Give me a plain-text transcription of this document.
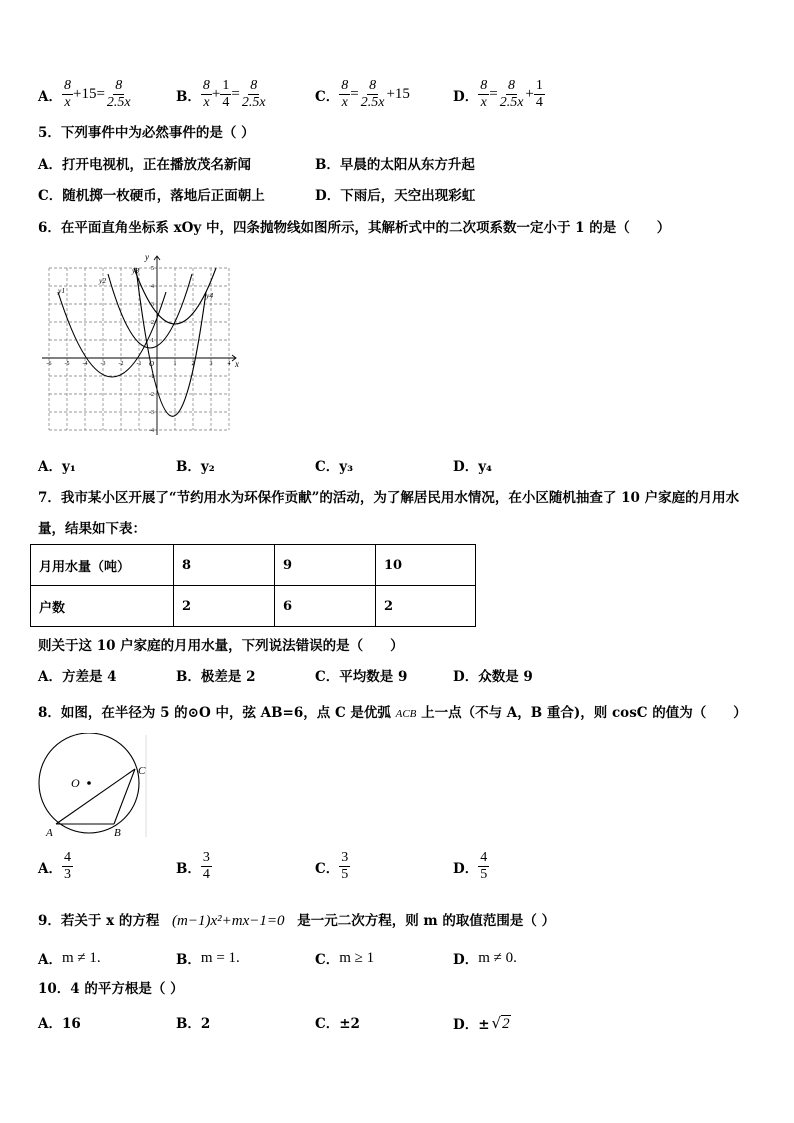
A． $\frac{8}{x} +15= \frac{8}{2.5x}$	B． $\frac{8}{x} + \frac{1}{4} = \frac{8}{2.5x}$	C． $\frac{8}{x} = \frac{8}{2.5x} +15$	D． $\frac{8}{x} = \frac{8}{2.5x} + \frac{1}{4}$
5．下列事件中为必然事件的是（ ）
A．打开电视机，正在播放茂名新闻	B．早晨的太阳从东方升起
C．随机掷一枚硬币，落地后正面朝上	D．下雨后，天空出现彩虹
6．在平面直角坐标系 xOy 中，四条抛物线如图所示，其解析式中的二次项系数一定小于 1 的是（　　）
x
y
O
-6 -5 -4 -3 -2 -1	1	2	3	4
5
4
3
2
1
-1
-2
-3
-4
y1
y2
y3
y4
A．y₁	B．y₂	C．y₃	D．y₄
7．我市某小区开展了“节约用水为环保作贡献”的活动，为了解居民用水情况，在小区随机抽查了 10 户家庭的月用水
量，结果如下表：
月用水量（吨）	8	9	10
户数	2	6	2
则关于这 10 户家庭的月用水量，下列说法错误的是（　　）
A．方差是 4	B．极差是 2	C．平均数是 9	D．众数是 9
8．如图，在半径为 5 的⊙O 中，弦 AB=6，点 C 是优弧 ACB 上一点（不与 A，B 重合)，则 cosC 的值为（　　）
O
A	B
C
A． $\frac{4}{3}$	B． $\frac{3}{4}$	C． $\frac{3}{5}$	D． $\frac{4}{5}$
9．若关于 x 的方程 (m−1)x²+mx−1=0 是一元二次方程，则 m 的取值范围是（ ）
A． m ≠ 1.	B． m = 1.	C． m ≥ 1	D． m ≠ 0.
10．4 的平方根是（ ）
A．16	B．2	C．±2	D．± √ 2
